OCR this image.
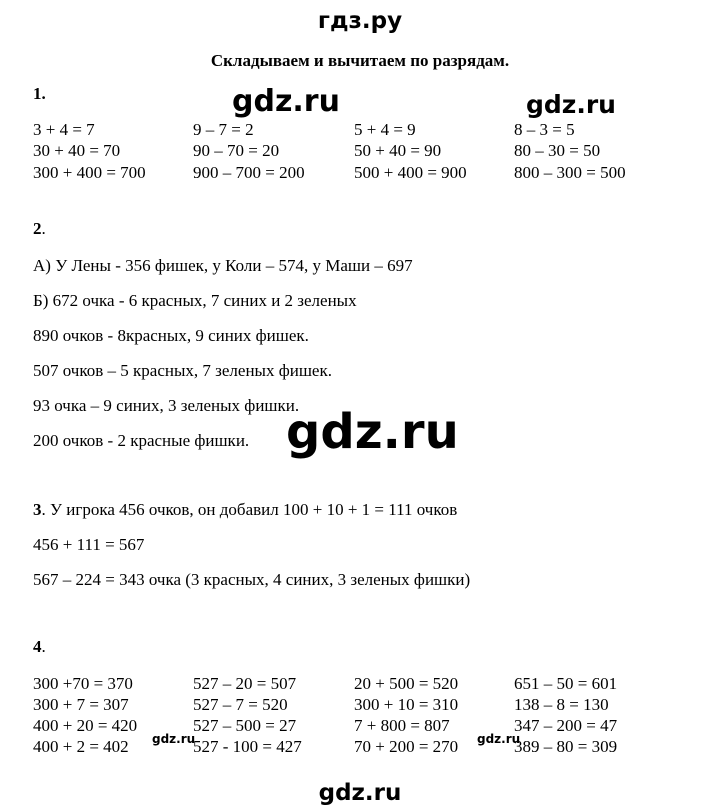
гдз.ру
Складываем и вычитаем по разрядам.
1.	gdz.ru	gdz.ru
3 + 4 = 7	9 – 7 = 2	5 + 4 = 9	8 – 3 = 5
30 + 40 = 70	90 – 70 = 20	50 + 40 = 90	80 – 30 = 50
300 + 400 = 700	900 – 700 = 200	500 + 400 = 900	800 – 300 = 500
2.
А) У Лены - 356 фишек, у Коли – 574, у Маши – 697
Б) 672 очка - 6 красных, 7 синих и 2 зеленых
890 очков - 8красных, 9 синих фишек.
507 очков – 5 красных, 7 зеленых фишек.
93 очка – 9 синих, 3 зеленых фишки.
200 очков - 2 красные фишки. gdz.ru
3. У игрока 456 очков, он добавил 100 + 10 + 1 = 111 очков
456 + 111 = 567
567 – 224 = 343 очка (3 красных, 4 синих, 3 зеленых фишки)
4.
300 +70 = 370	527 – 20 = 507	20 + 500 = 520	651 – 50 = 601
300 + 7 = 307	527 – 7 = 520	300 + 10 = 310	138 – 8 = 130
400 + 20 = 420	527 – 500 = 27	7 + 800 = 807	347 – 200 = 47
400 + 2 = 402	527 - 100 = 427	70 + 200 = 270	389 – 80 = 309
gdz.ru	gdz.ru
gdz.ru
